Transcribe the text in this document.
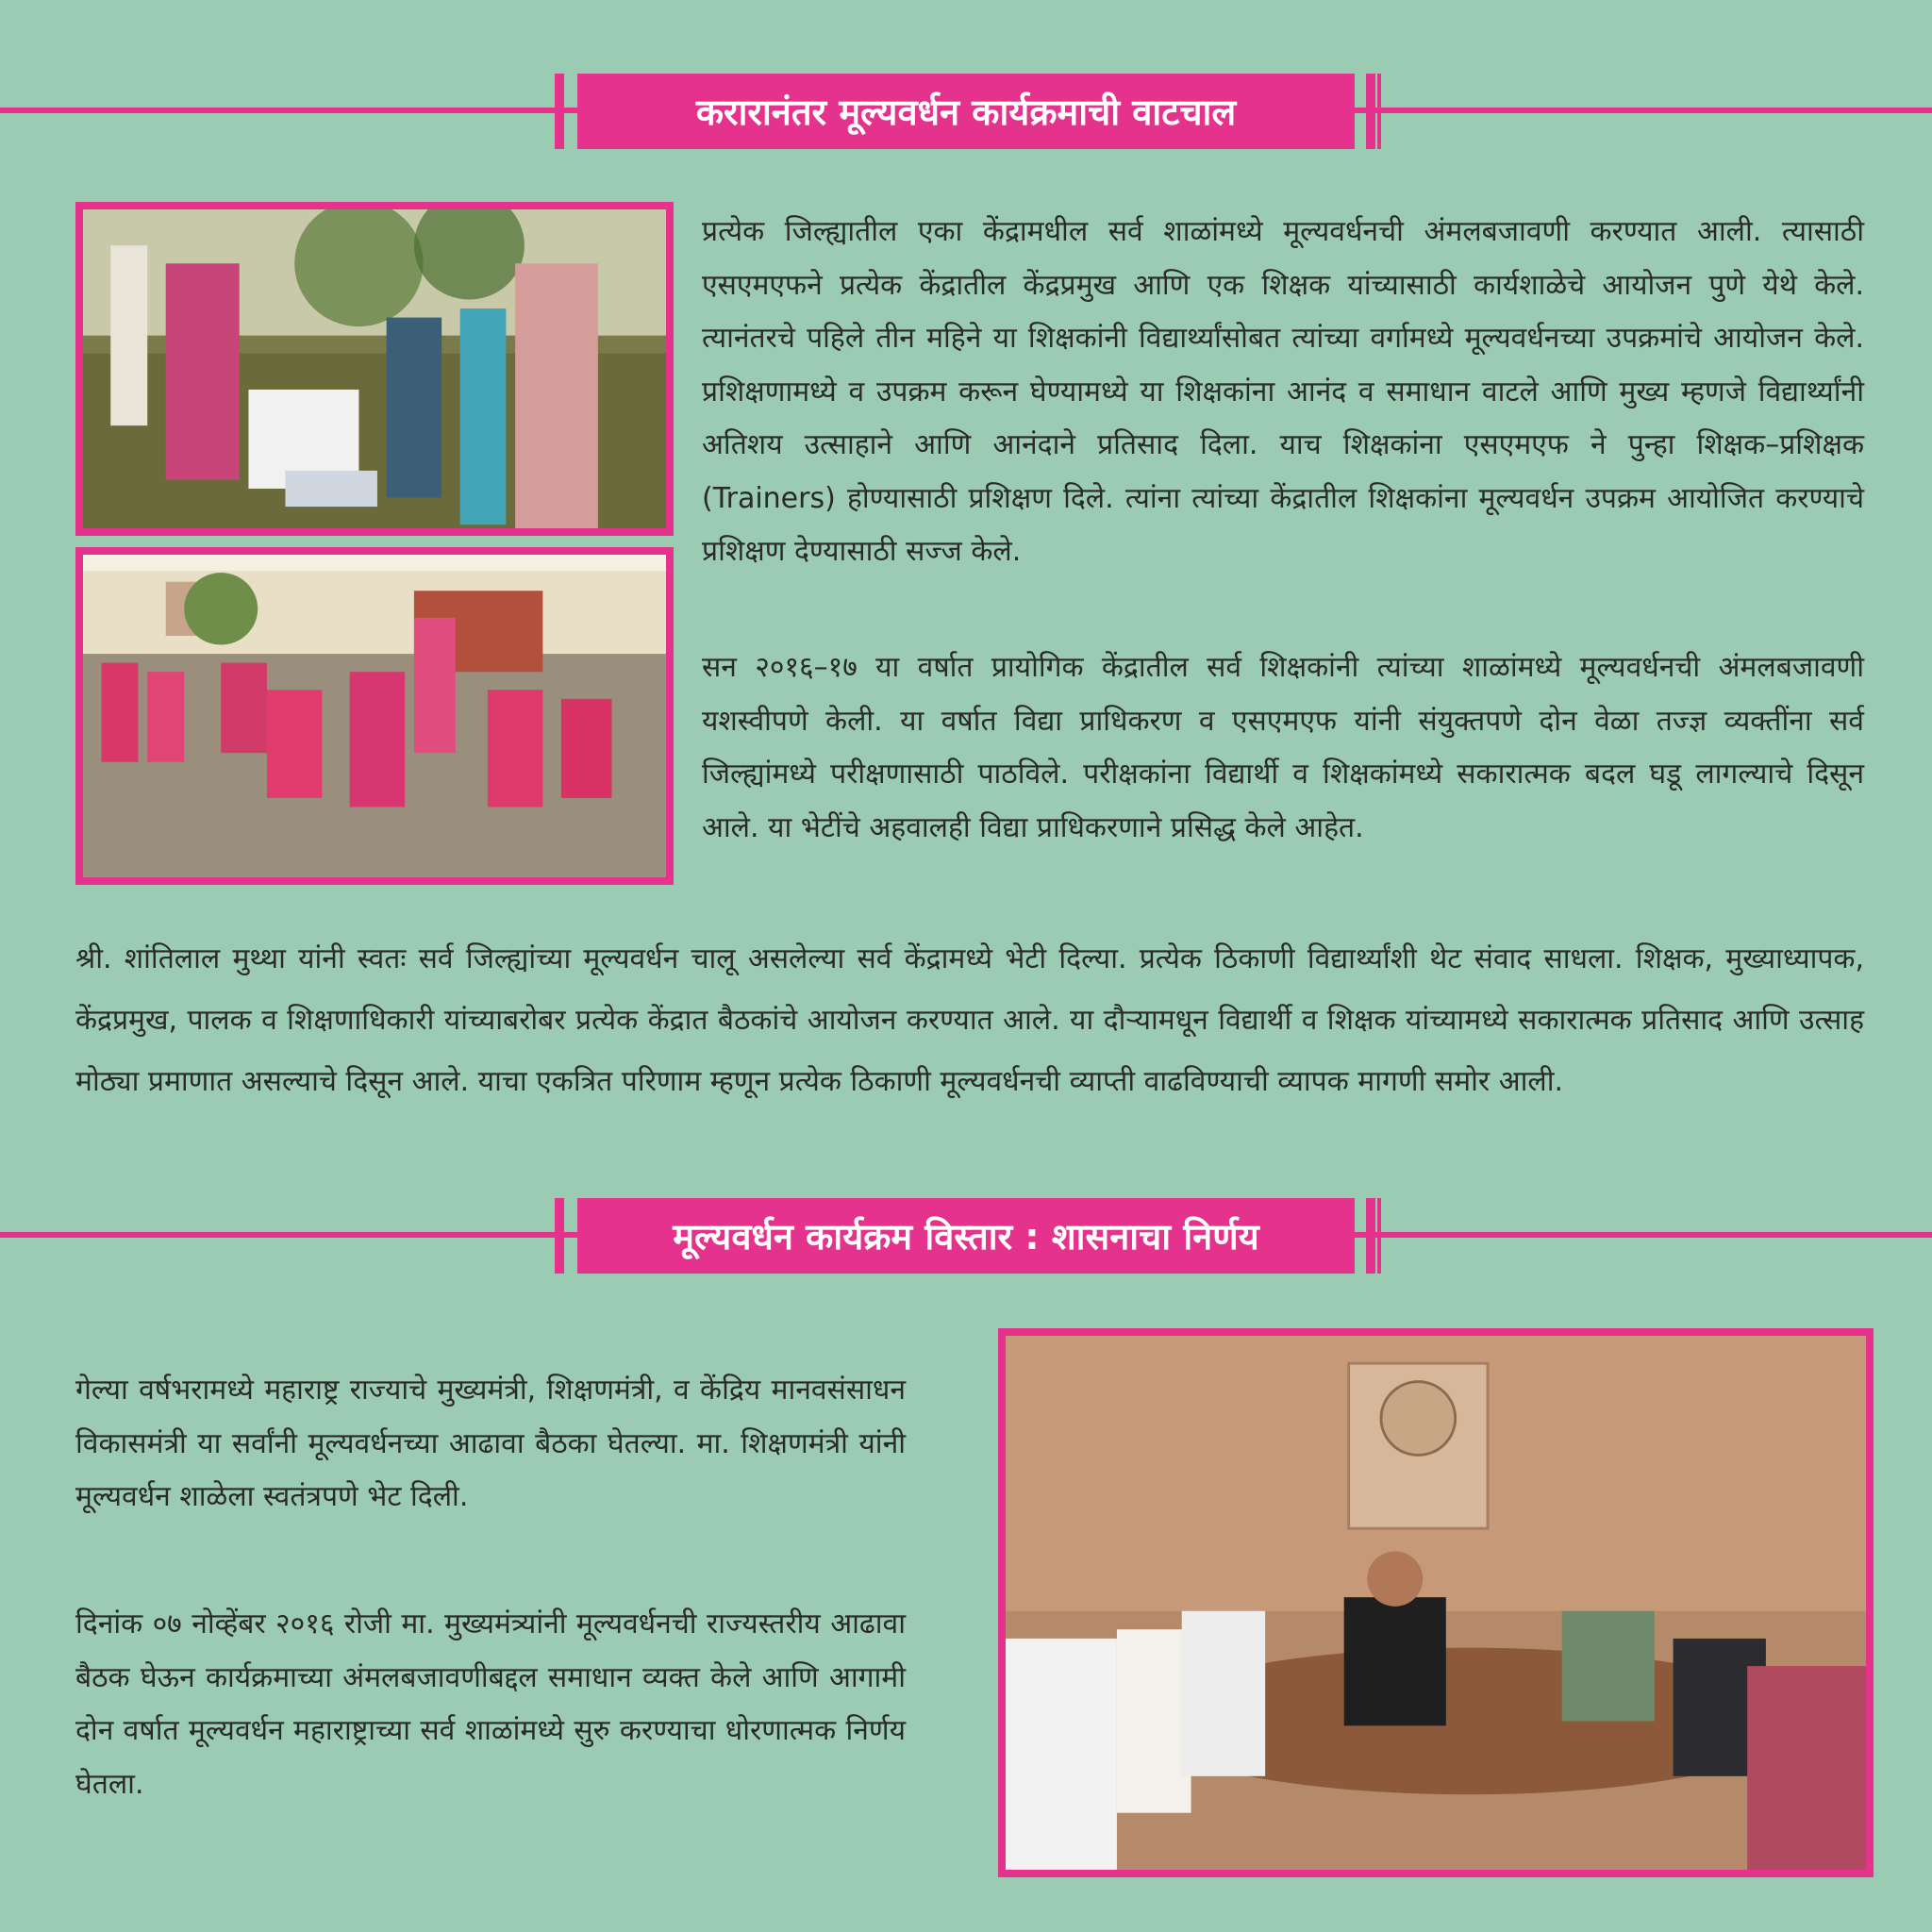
करारानंतर मूल्यवर्धन कार्यक्रमाची वाटचाल
प्रत्येक जिल्ह्यातील एका केंद्रामधील सर्व शाळांमध्ये मूल्यवर्धनची अंमलबजावणी करण्यात आली. त्यासाठी एसएमएफने प्रत्येक केंद्रातील केंद्रप्रमुख आणि एक शिक्षक यांच्यासाठी कार्यशाळेचे आयोजन पुणे येथे केले. त्यानंतरचे पहिले तीन महिने या शिक्षकांनी विद्यार्थ्यांसोबत त्यांच्या वर्गामध्ये मूल्यवर्धनच्या उपक्रमांचे आयोजन केले. प्रशिक्षणामध्ये व उपक्रम करून घेण्यामध्ये या शिक्षकांना आनंद व समाधान वाटले आणि मुख्य म्हणजे विद्यार्थ्यांनी अतिशय उत्साहाने आणि आनंदाने प्रतिसाद दिला. याच शिक्षकांना एसएमएफ ने पुन्हा शिक्षक–प्रशिक्षक (Trainers) होण्यासाठी प्रशिक्षण दिले. त्यांना त्यांच्या केंद्रातील शिक्षकांना मूल्यवर्धन उपक्रम आयोजित करण्याचे प्रशिक्षण देण्यासाठी सज्ज केले.
सन २०१६–१७ या वर्षात प्रायोगिक केंद्रातील सर्व शिक्षकांनी त्यांच्या शाळांमध्ये मूल्यवर्धनची अंमलबजावणी यशस्वीपणे केली. या वर्षात विद्या प्राधिकरण व एसएमएफ यांनी संयुक्तपणे दोन वेळा तज्ज्ञ व्यक्तींना सर्व जिल्ह्यांमध्ये परीक्षणासाठी पाठविले. परीक्षकांना विद्यार्थी व शिक्षकांमध्ये सकारात्मक बदल घडू लागल्याचे दिसून आले. या भेटींचे अहवालही विद्या प्राधिकरणाने प्रसिद्ध केले आहेत.
श्री. शांतिलाल मुथ्था यांनी स्वतः सर्व जिल्ह्यांच्या मूल्यवर्धन चालू असलेल्या सर्व केंद्रामध्ये भेटी दिल्या. प्रत्येक ठिकाणी विद्यार्थ्यांशी थेट संवाद साधला. शिक्षक, मुख्याध्यापक, केंद्रप्रमुख, पालक व शिक्षणाधिकारी यांच्याबरोबर प्रत्येक केंद्रात बैठकांचे आयोजन करण्यात आले. या दौऱ्यामधून विद्यार्थी व शिक्षक यांच्यामध्ये सकारात्मक प्रतिसाद आणि उत्साह मोठ्या प्रमाणात असल्याचे दिसून आले. याचा एकत्रित परिणाम म्हणून प्रत्येक ठिकाणी मूल्यवर्धनची व्याप्ती वाढविण्याची व्यापक मागणी समोर आली.
मूल्यवर्धन कार्यक्रम विस्तार : शासनाचा निर्णय
गेल्या वर्षभरामध्ये महाराष्ट्र राज्याचे मुख्यमंत्री, शिक्षणमंत्री, व केंद्रिय मानवसंसाधन विकासमंत्री या सर्वांनी मूल्यवर्धनच्या आढावा बैठका घेतल्या. मा. शिक्षणमंत्री यांनी मूल्यवर्धन शाळेला स्वतंत्रपणे भेट दिली.
दिनांक ०७ नोव्हेंबर २०१६ रोजी मा. मुख्यमंत्र्यांनी मूल्यवर्धनची राज्यस्तरीय आढावा बैठक घेऊन कार्यक्रमाच्या अंमलबजावणीबद्दल समाधान व्यक्त केले आणि आगामी दोन वर्षात मूल्यवर्धन महाराष्ट्राच्या सर्व शाळांमध्ये सुरु करण्याचा धोरणात्मक निर्णय घेतला.
